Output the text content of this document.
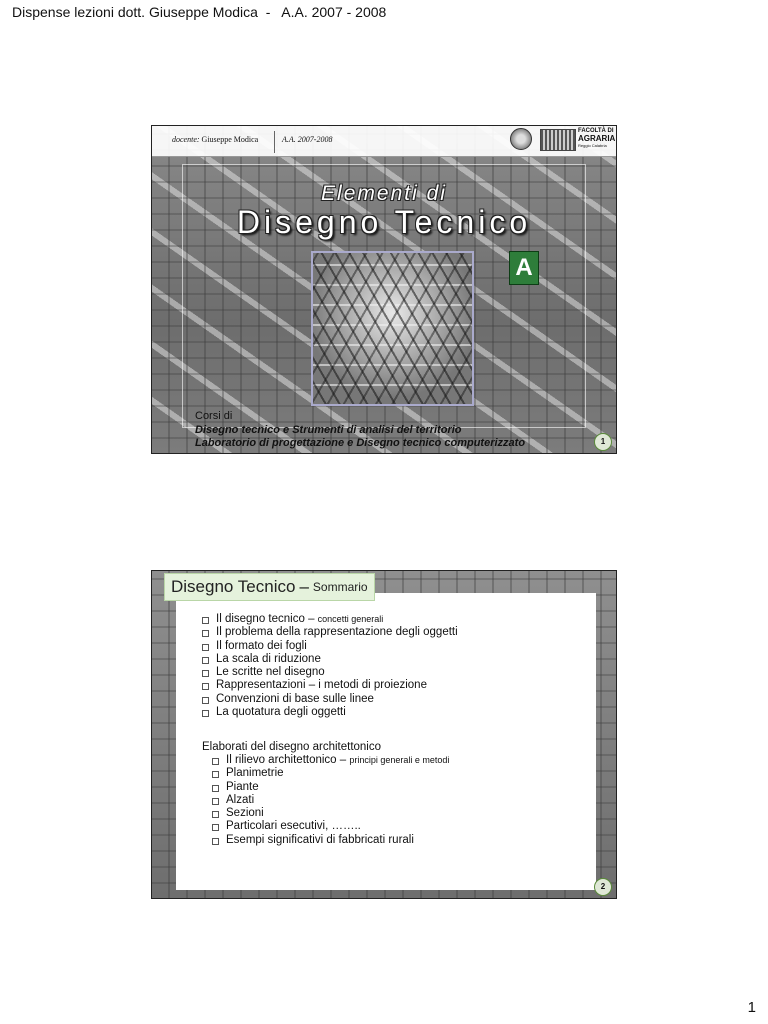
Dispense lezioni dott. Giuseppe Modica  -   A.A. 2007 - 2008
docente: Giuseppe Modica	A.A. 2007-2008
FACOLTÀ DI
AGRARIA
Reggio Calabria
Elementi di
Disegno Tecnico
A
Corsi di
Disegno tecnico e Strumenti di analisi del territorio
Laboratorio di progettazione e Disegno tecnico computerizzato	1
Disegno Tecnico – Sommario
Il disegno tecnico – concetti generali
Il problema della rappresentazione degli oggetti
Il formato dei fogli
La scala di riduzione
Le scritte nel disegno
Rappresentazioni – i metodi di proiezione
Convenzioni di base sulle linee
La quotatura degli oggetti
Elaborati del disegno architettonico
Il rilievo architettonico – principi generali e metodi
Planimetrie
Piante
Alzati
Sezioni
Particolari esecutivi, ……..
Esempi significativi di fabbricati rurali
2
1
